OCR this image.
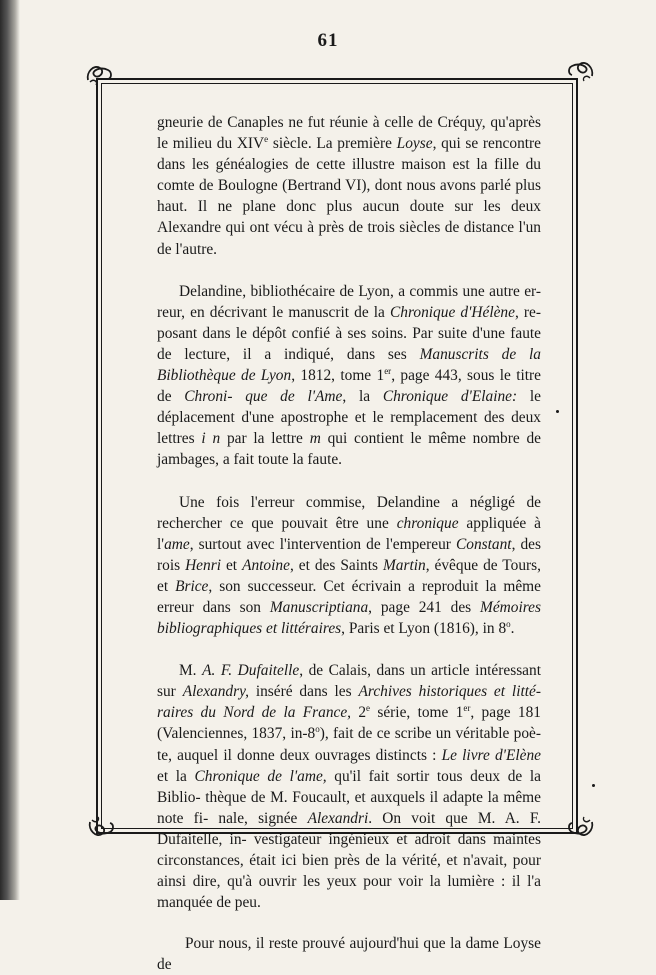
61

gneurie de Canaples ne fut réunie à celle de Créquy, qu'après le milieu du XIVe siècle. La première Loyse, qui se rencontre dans les généalogies de cette illustre maison est la fille du comte de Boulogne (Bertrand VI), dont nous avons parlé plus haut. Il ne plane donc plus aucun doute sur les deux Alexandre qui ont vécu à près de trois siècles de distance l'un de l'autre.

Delandine, bibliothécaire de Lyon, a commis une autre er- reur, en décrivant le manuscrit de la Chronique d'Hélène, re- posant dans le dépôt confié à ses soins. Par suite d'une faute de lecture, il a indiqué, dans ses Manuscrits de la Bibliothèque de Lyon, 1812, tome 1er, page 443, sous le titre de Chroni- que de l'Ame, la Chronique d'Elaine: le déplacement d'une apostrophe et le remplacement des deux lettres i n par la lettre m qui contient le même nombre de jambages, a fait toute la faute.

Une fois l'erreur commise, Delandine a négligé de rechercher ce que pouvait être une chronique appliquée à l'ame, surtout avec l'intervention de l'empereur Constant, des rois Henri et Antoine, et des Saints Martin, évêque de Tours, et Brice, son successeur. Cet écrivain a reproduit la même erreur dans son Manuscriptiana, page 241 des Mémoires bibliographiques et littéraires, Paris et Lyon (1816), in 8$^o$.

M. A. F. Dufaitelle, de Calais, dans un article intéressant sur Alexandry, inséré dans les Archives historiques et litté- raires du Nord de la France, 2e série, tome 1er, page 181 (Valenciennes, 1837, in-8$^o$), fait de ce scribe un véritable poè- te, auquel il donne deux ouvrages distincts : Le livre d'Elène et la Chronique de l'ame, qu'il fait sortir tous deux de la Biblio- thèque de M. Foucault, et auxquels il adapte la même note fi- nale, signée Alexandri. On voit que M. A. F. Dufaitelle, in- vestigateur ingénieux et adroit dans maintes circonstances, était ici bien près de la vérité, et n'avait, pour ainsi dire, qu'à ouvrir les yeux pour voir la lumière : il l'a manquée de peu.

Pour nous, il reste prouvé aujourd'hui que la dame Loyse de
